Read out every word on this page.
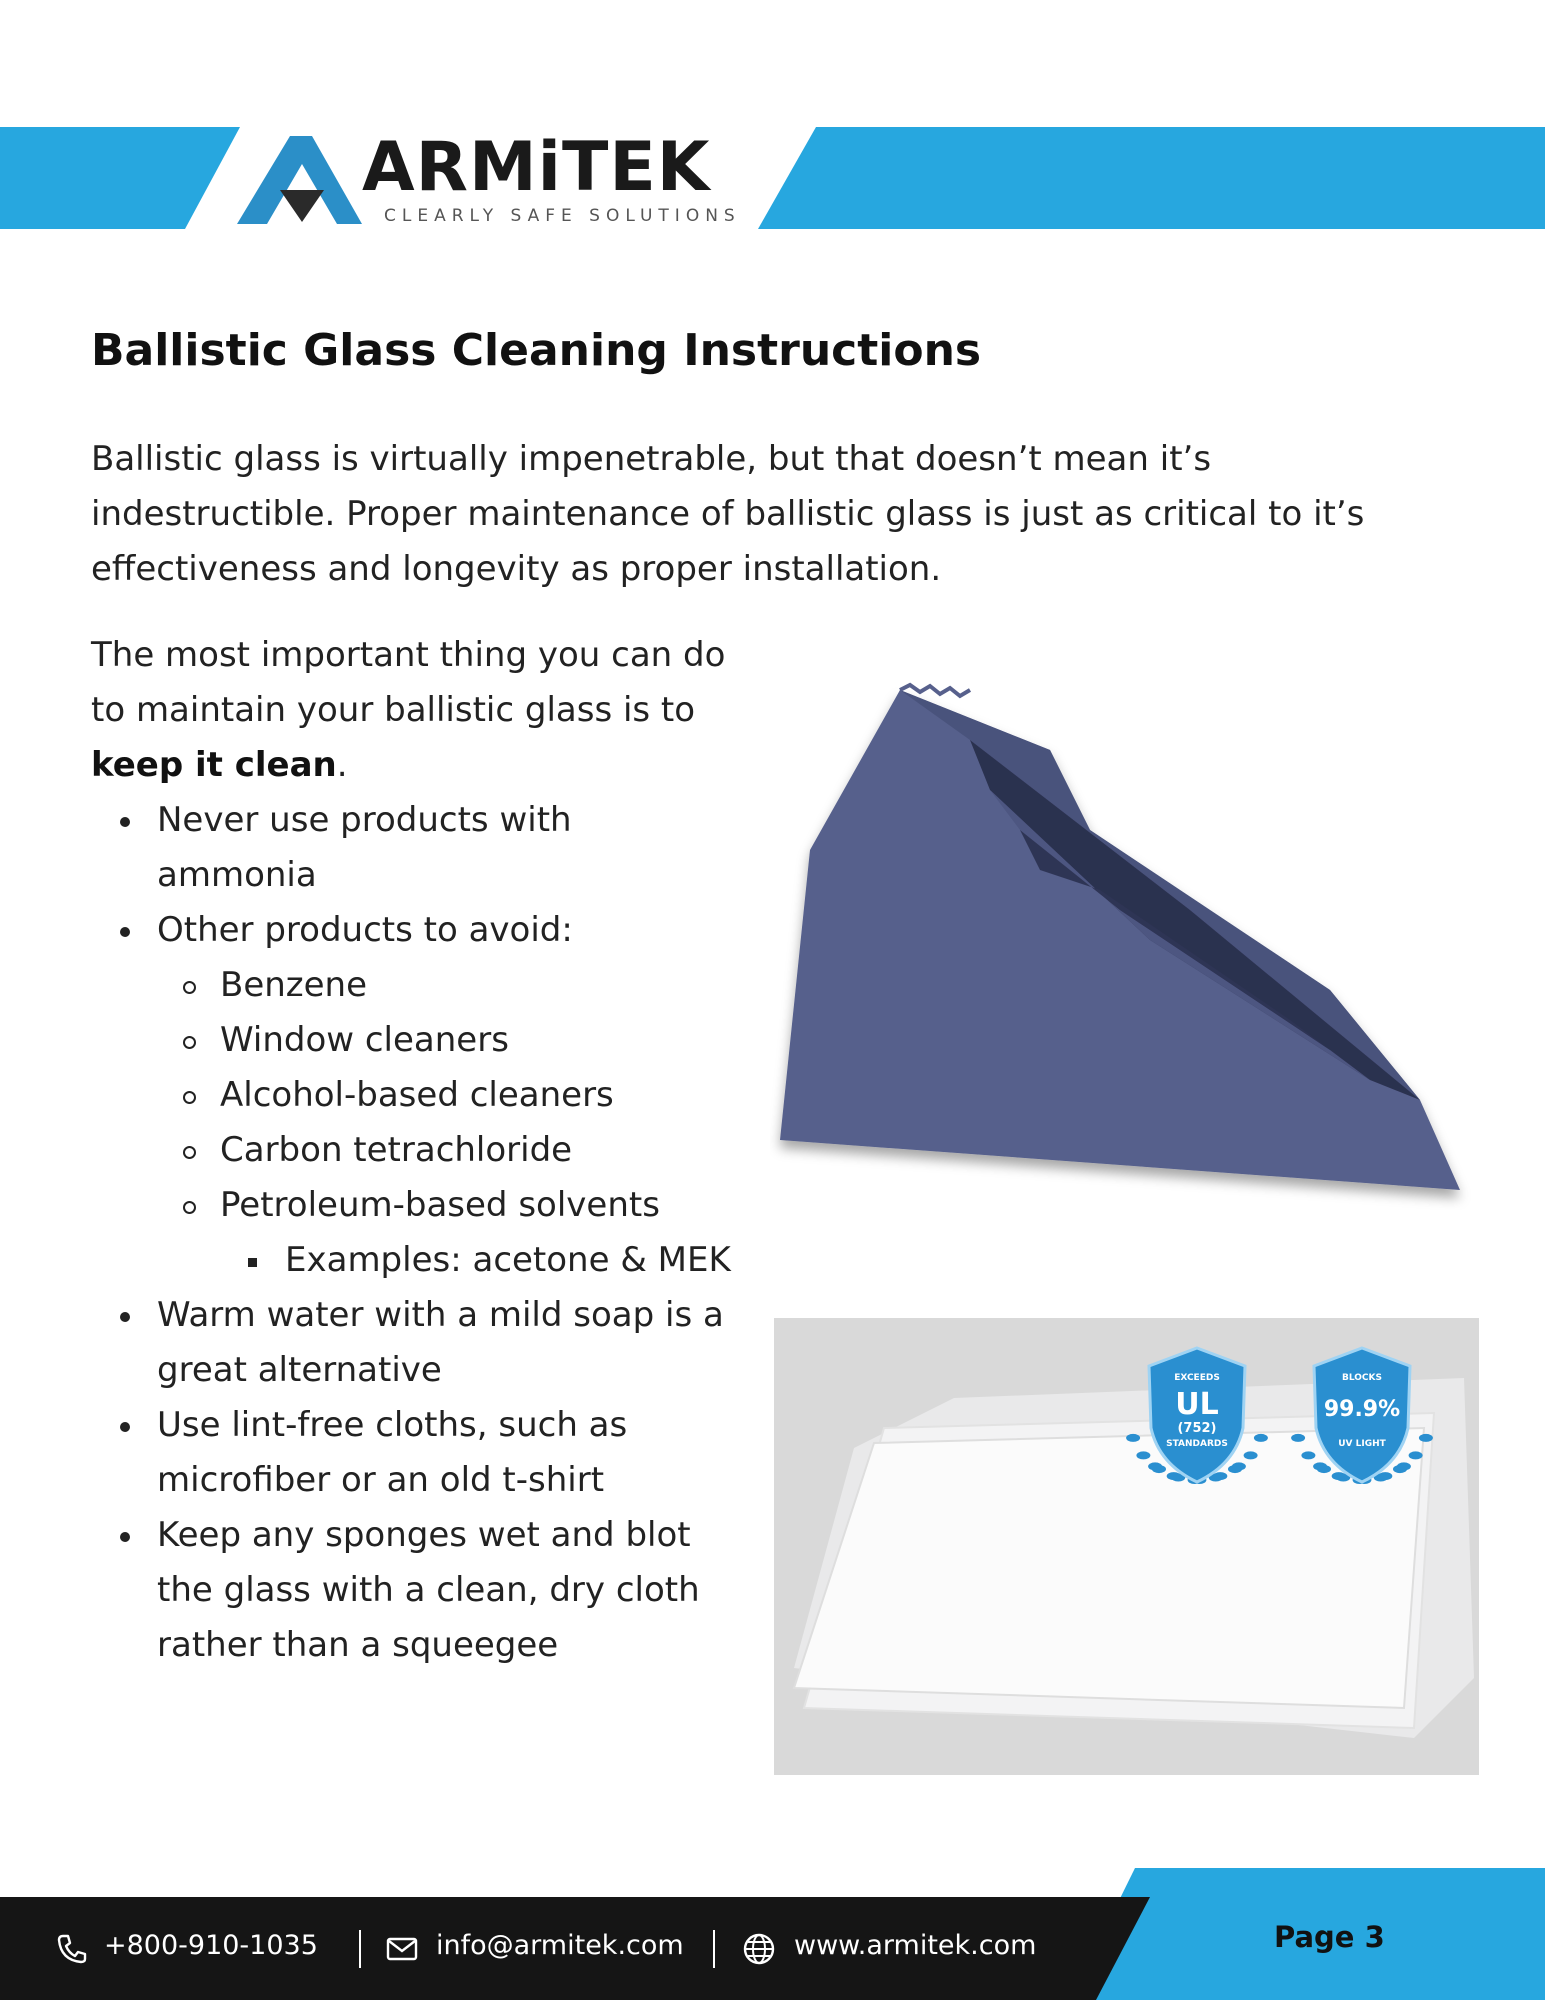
ARMiTEK
CLEARLY SAFE SOLUTIONS
Ballistic Glass Cleaning Instructions

Ballistic glass is virtually impenetrable, but that doesn’t mean it’s indestructible. Proper maintenance of ballistic glass is just as critical to it’s effectiveness and longevity as proper installation.

The most important thing you can do to maintain your ballistic glass is to keep it clean.

Never use products with ammonia
Other products to avoid:
Benzene
Window cleaners
Alcohol-based cleaners
Carbon tetrachloride
Petroleum-based solvents
Examples: acetone & MEK
Warm water with a mild soap is a great alternative
Use lint-free cloths, such as microfiber or an old t-shirt
Keep any sponges wet and blot the glass with a clean, dry cloth rather than a squeegee
EXCEEDS
UL
(752)
STANDARDS
BLOCKS
99.9%
UV LIGHT
+800-910-1035	info@armitek.com	www.armitek.com	Page 3
